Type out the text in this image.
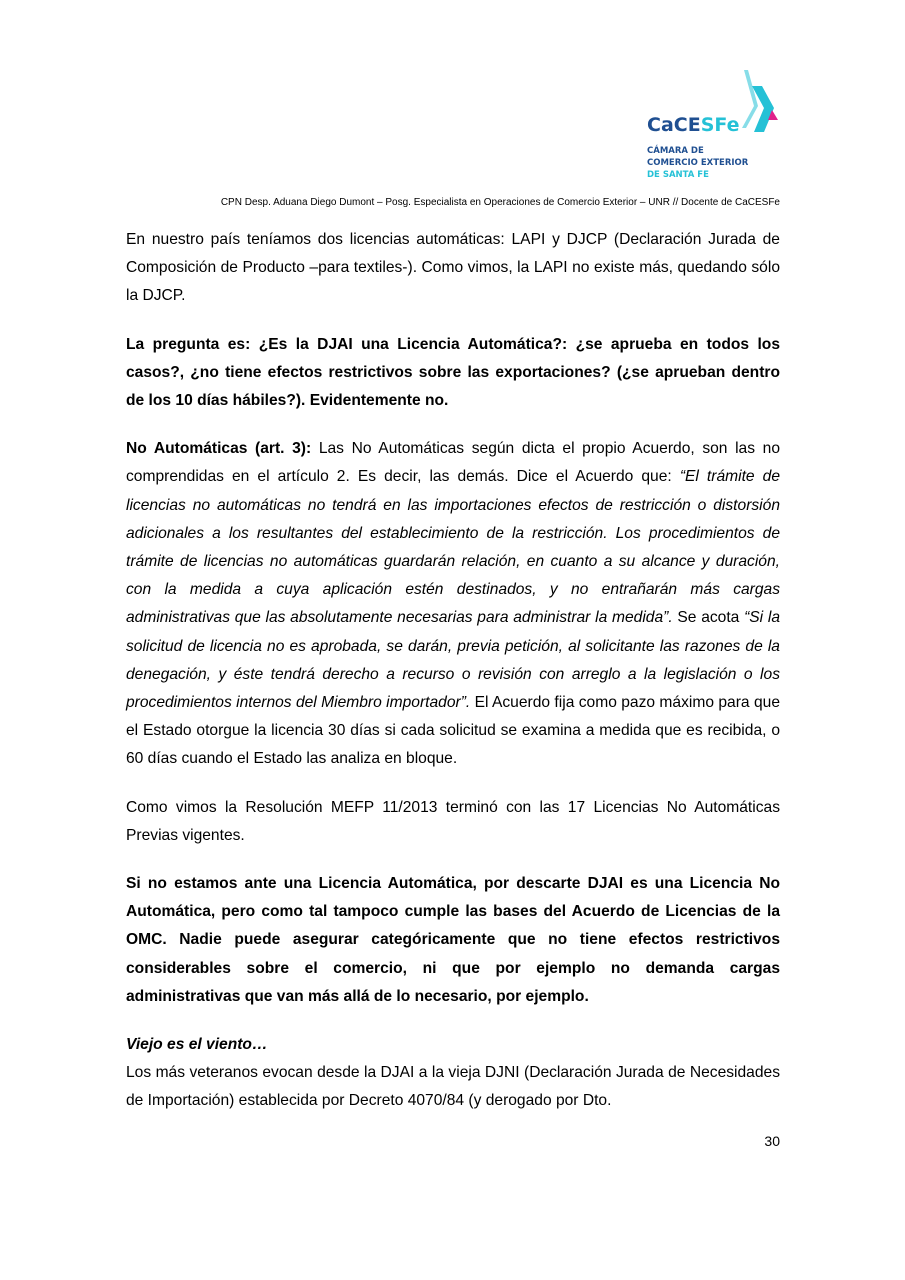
CaCESFe
CÁMARA DE
COMERCIO EXTERIOR
DE SANTA FE
CPN Desp. Aduana Diego Dumont – Posg. Especialista en Operaciones de Comercio Exterior – UNR // Docente de CaCESFe

En nuestro país teníamos dos licencias automáticas: LAPI y DJCP (Declaración Jurada de Composición de Producto –para textiles-). Como vimos, la LAPI no existe más, quedando sólo la DJCP.

La pregunta es: ¿Es la DJAI una Licencia Automática?: ¿se aprueba en todos los casos?, ¿no tiene efectos restrictivos sobre las exportaciones? (¿se aprueban dentro de los 10 días hábiles?). Evidentemente no.

No Automáticas (art. 3): Las No Automáticas según dicta el propio Acuerdo, son las no comprendidas en el artículo 2. Es decir, las demás. Dice el Acuerdo que: “El trámite de licencias no automáticas no tendrá en las importaciones efectos de restricción o distorsión adicionales a los resultantes del establecimiento de la restricción. Los procedimientos de trámite de licencias no automáticas guardarán relación, en cuanto a su alcance y duración, con la medida a cuya aplicación estén destinados, y no entrañarán más cargas administrativas que las absolutamente necesarias para administrar la medida”. Se acota “Si la solicitud de licencia no es aprobada, se darán, previa petición, al solicitante las razones de la denegación, y éste tendrá derecho a recurso o revisión con arreglo a la legislación o los procedimientos internos del Miembro importador”. El Acuerdo fija como pazo máximo para que el Estado otorgue la licencia 30 días si cada solicitud se examina a medida que es recibida, o 60 días cuando el Estado las analiza en bloque.

Como vimos la Resolución MEFP 11/2013 terminó con las 17 Licencias No Automáticas Previas vigentes.

Si no estamos ante una Licencia Automática, por descarte DJAI es una Licencia No Automática, pero como tal tampoco cumple las bases del Acuerdo de Licencias de la OMC. Nadie puede asegurar categóricamente que no tiene efectos restrictivos considerables sobre el comercio, ni que por ejemplo no demanda cargas administrativas que van más allá de lo necesario, por ejemplo.

Viejo es el viento…

Los más veteranos evocan desde la DJAI a la vieja DJNI (Declaración Jurada de Necesidades de Importación) establecida por Decreto 4070/84 (y derogado por Dto.

30
